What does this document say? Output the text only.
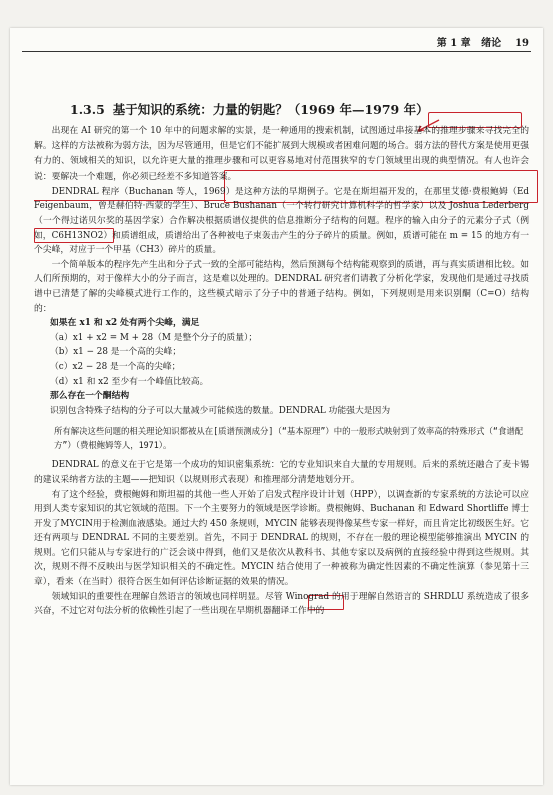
第 1 章 绪论 19
1.3.5 基于知识的系统：力量的钥匙？（1969 年—1979 年）

出现在 AI 研究的第一个 10 年中的问题求解的实景，是一种通用的搜索机制，试图通过串接基本的推理步骤来寻找完全的解。这样的方法被称为弱方法，因为尽管通用，但是它们不能扩展到大规模或者困难问题的场合。弱方法的替代方案是使用更强有力的、领域相关的知识，以允许更大量的推理步骤和可以更容易地对付范围狭窄的专门领域里出现的典型情况。有人也许会说：要解决一个难题，你必须已经差不多知道答案。

DENDRAL 程序（Buchanan 等人，1969）是这种方法的早期例子。它是在斯坦福开发的，在那里艾德·费根鲍姆（Ed Feigenbaum，曾是赫伯特·西蒙的学生）、Bruce Bushanan（一个转行研究计算机科学的哲学家）以及 Joshua Lederberg（一个得过诺贝尔奖的基因学家）合作解决根据质谱仪提供的信息推断分子结构的问题。程序的输入由分子的元素分子式（例如，C6H13NO2）和质谱组成，质谱给出了各种被电子束轰击产生的分子碎片的质量。例如，质谱可能在 m = 15 的地方有一个尖峰，对应于一个甲基（CH3）碎片的质量。

一个简单版本的程序先产生出和分子式一致的全部可能结构，然后预测每个结构能观察到的质谱，再与真实质谱相比较。如人们所预期的，对于像样大小的分子而言，这是难以处理的。DENDRAL 研究者们请教了分析化学家，发现他们是通过寻找质谱中已清楚了解的尖峰模式进行工作的，这些模式暗示了分子中的普通子结构。例如，下列规则是用来识别酮（C=O）结构的：

如果在 x1 和 x2 处有两个尖峰，满足
（a）x1 + x2 = M + 28（M 是整个分子的质量）；
（b）x1 − 28 是一个高的尖峰；
（c）x2 − 28 是一个高的尖峰；
（d）x1 和 x2 至少有一个峰值比较高。
那么存在一个酮结构
识别包含特殊子结构的分子可以大量减少可能候选的数量。DENDRAL 功能强大是因为
所有解决这些问题的相关理论知识都被从在[质谱预测成分]（“基本原理”）中的一般形式映射到了效率高的特殊形式（“食谱配方”）（费根鲍姆等人，1971）。

DENDRAL 的意义在于它是第一个成功的知识密集系统：它的专业知识来自大量的专用规则。后来的系统还融合了麦卡锡的建议采纳者方法的主题——把知识（以规则形式表现）和推理部分清楚地划分开。

有了这个经验，费根鲍姆和斯坦福的其他一些人开始了启发式程序设计计划（HPP），以调查新的专家系统的方法论可以应用到人类专家知识的其它领域的范围。下一个主要努力的领域是医学诊断。费根鲍姆、Buchanan 和 Edward Shortliffe 博士开发了MYCIN用于检测血液感染。通过大约 450 条规则，MYCIN 能够表现得像某些专家一样好，而且肯定比初级医生好。它还有两项与 DENDRAL 不同的主要差别。首先，不同于 DENDRAL 的规则，不存在一般的理论模型能够推演出 MYCIN 的规则。它们只能从与专家进行的广泛会谈中得到，他们又是依次从教科书、其他专家以及病例的直接经验中得到这些规则。其次，规则不得不反映出与医学知识相关的不确定性。MYCIN 结合使用了一种被称为确定性因素的不确定性演算（参见第十三章），看来（在当时）很符合医生如何评估诊断证据的效果的情况。

领域知识的重要性在理解自然语言的领域也同样明显。尽管 Winograd 的用于理解自然语言的 SHRDLU 系统造成了很多兴奋，不过它对句法分析的依赖性引起了一些出现在早期机器翻译工作中的
